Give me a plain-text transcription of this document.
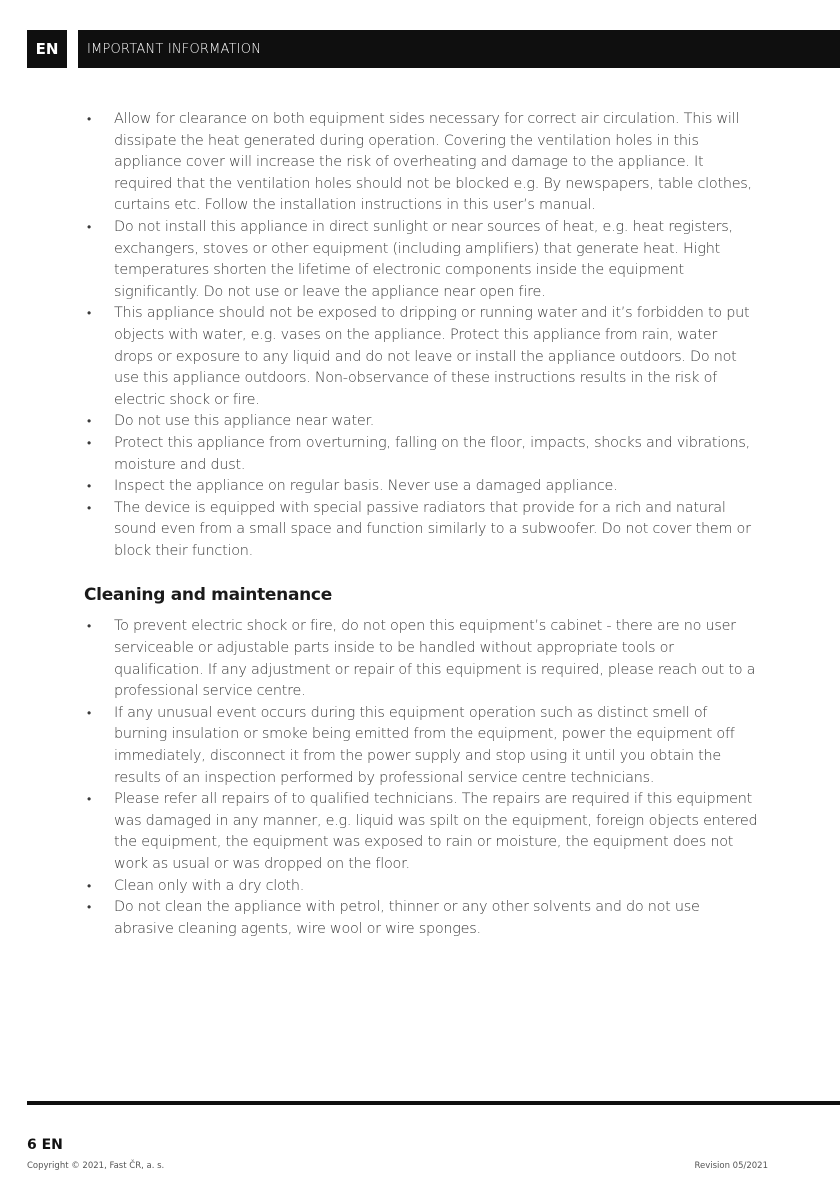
EN	IMPORTANT INFORMATION
• Allow for clearance on both equipment sides necessary for correct air circulation. This will dissipate the heat generated during operation. Covering the ventilation holes in this appliance cover will increase the risk of overheating and damage to the appliance. It required that the ventilation holes should not be blocked e.g. By newspapers, table clothes, curtains etc. Follow the installation instructions in this user’s manual.
• Do not install this appliance in direct sunlight or near sources of heat, e.g. heat registers, exchangers, stoves or other equipment (including amplifiers) that generate heat. Hight temperatures shorten the lifetime of electronic components inside the equipment significantly. Do not use or leave the appliance near open fire.
• This appliance should not be exposed to dripping or running water and it’s forbidden to put objects with water, e.g. vases on the appliance. Protect this appliance from rain, water drops or exposure to any liquid and do not leave or install the appliance outdoors. Do not use this appliance outdoors. Non-observance of these instructions results in the risk of electric shock or fire.
• Do not use this appliance near water.
• Protect this appliance from overturning, falling on the floor, impacts, shocks and vibrations, moisture and dust.
• Inspect the appliance on regular basis. Never use a damaged appliance.
• The device is equipped with special passive radiators that provide for a rich and natural sound even from a small space and function similarly to a subwoofer. Do not cover them or block their function.
Cleaning and maintenance
• To prevent electric shock or fire, do not open this equipment’s cabinet - there are no user serviceable or adjustable parts inside to be handled without appropriate tools or qualification. If any adjustment or repair of this equipment is required, please reach out to a professional service centre.
• If any unusual event occurs during this equipment operation such as distinct smell of burning insulation or smoke being emitted from the equipment, power the equipment off immediately, disconnect it from the power supply and stop using it until you obtain the results of an inspection performed by professional service centre technicians.
• Please refer all repairs of to qualified technicians. The repairs are required if this equipment was damaged in any manner, e.g. liquid was spilt on the equipment, foreign objects entered the equipment, the equipment was exposed to rain or moisture, the equipment does not work as usual or was dropped on the floor.
• Clean only with a dry cloth.
• Do not clean the appliance with petrol, thinner or any other solvents and do not use abrasive cleaning agents, wire wool or wire sponges.
6 EN
Copyright © 2021, Fast ČR, a. s.	Revision 05/2021
